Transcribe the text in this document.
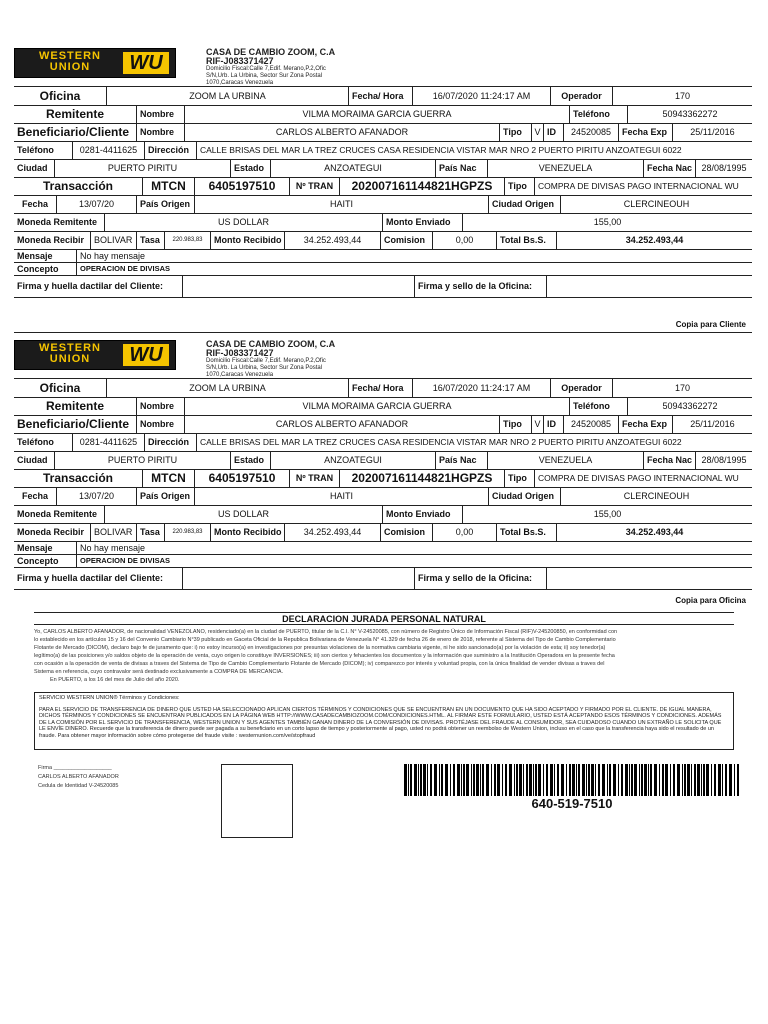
WESTERN
UNION	WU	CASA DE CAMBIO ZOOM, C.A
RIF-J083371427
Domicilio Fiscal:Calle 7,Edif. Merano,P.2,Ofic
S/N,Urb. La Urbina, Sector Sur Zona Postal
1070,Caracas Venezuela
Oficina	ZOOM LA URBINA	Fecha/ Hora	16/07/2020 11:24:17 AM	Operador	170
Remitente	Nombre	VILMA MORAIMA GARCIA GUERRA	Teléfono	50943362272
Beneficiario/Cliente	Nombre	CARLOS ALBERTO AFANADOR	Tipo	V ID	24520085	Fecha Exp	25/11/2016
Teléfono	0281-4411625	Dirección	CALLE BRISAS DEL MAR LA TREZ CRUCES CASA RESIDENCIA VISTAR MAR NRO 2 PUERTO PIRITU ANZOATEGUI 6022
Ciudad	PUERTO PIRITU	Estado	ANZOATEGUI	País Nac	VENEZUELA	Fecha Nac	28/08/1995
Transacción	MTCN	6405197510	Nº TRAN	202007161144821HGPZS	Tipo	COMPRA DE DIVISAS PAGO INTERNACIONAL WU
Fecha	13/07/20	País Origen	HAITI	Ciudad Origen	CLERCINEOUH
Moneda Remitente	US DOLLAR	Monto Enviado	155,00
Moneda Recibir	BOLIVAR Tasa	220.983,83	Monto Recibido	34.252.493,44	Comision	0,00	Total Bs.S.	34.252.493,44
Mensaje	No hay mensaje
Concepto	OPERACION DE DIVISAS
Firma y huella dactilar del Cliente:	Firma y sello de la Oficina:
Copia para Cliente
WESTERN
UNION	WU	CASA DE CAMBIO ZOOM, C.A
RIF-J083371427
Domicilio Fiscal:Calle 7,Edif. Merano,P.2,Ofic
S/N,Urb. La Urbina, Sector Sur Zona Postal
1070,Caracas Venezuela
Oficina	ZOOM LA URBINA	Fecha/ Hora	16/07/2020 11:24:17 AM	Operador	170
Remitente	Nombre	VILMA MORAIMA GARCIA GUERRA	Teléfono	50943362272
Beneficiario/Cliente	Nombre	CARLOS ALBERTO AFANADOR	Tipo	V ID	24520085	Fecha Exp	25/11/2016
Teléfono	0281-4411625	Dirección	CALLE BRISAS DEL MAR LA TREZ CRUCES CASA RESIDENCIA VISTAR MAR NRO 2 PUERTO PIRITU ANZOATEGUI 6022
Ciudad	PUERTO PIRITU	Estado	ANZOATEGUI	País Nac	VENEZUELA	Fecha Nac	28/08/1995
Transacción	MTCN	6405197510	Nº TRAN	202007161144821HGPZS	Tipo	COMPRA DE DIVISAS PAGO INTERNACIONAL WU
Fecha	13/07/20	País Origen	HAITI	Ciudad Origen	CLERCINEOUH
Moneda Remitente	US DOLLAR	Monto Enviado	155,00
Moneda Recibir	BOLIVAR Tasa	220.983,83	Monto Recibido	34.252.493,44	Comision	0,00	Total Bs.S.	34.252.493,44
Mensaje	No hay mensaje
Concepto	OPERACION DE DIVISAS
Firma y huella dactilar del Cliente:	Firma y sello de la Oficina:
Copia para Oficina
DECLARACION JURADA PERSONAL NATURAL
Yo, CARLOS ALBERTO AFANADOR, de nacionalidad VENEZOLANO, residenciado(a) en la ciudad de PUERTO, titular de la C.I. N° V-24520085, con número de Registro Único de Información Fiscal (RIF)V-245200850, en conformidad con
lo establecido en los artículos 15 y 16 del Convenio Cambiario N°39 publicado en Gaceta Oficial de la Republica Bolivariana de Venezuela N° 41.329 de fecha 26 de enero de 2018, referente al Sistema del Tipo de Cambio Complementario
Flotante de Mercado (DICOM), declaro bajo fe de juramento que: i) no estoy incurso(a) en investigaciones por presuntas violaciones de la normativa cambiaria vigente, ni he sido sancionado(a) por la violación de esta; ii) soy tenedor(a)
legítimo(a) de las posiciones y/o saldos objeto de la operación de venta, cuyo origen lo constituye INVERSIONES; iii) son ciertos y fehacientes los documentos y la información que suministro a la Institución Operadora en la presente fecha
con ocasión a la operación de venta de divisas a traves del Sistema de Tipo de Cambio Complementario Flotante de Mercado (DICOM); iv) comparezco por interés y voluntad propia, con la única finalidad de vender divisas a traves del
Sistema en referencia, cuyo contravalor será destinado exclusivamente a COMPRA DE MERCANCIA.
En PUERTO, a los 16 del mes de Julio del año 2020.
SERVICIO WESTERN UNION® Términos y Condiciones:
PARA EL SERVICIO DE TRANSFERENCIA DE DINERO QUE USTED HA SELECCIONADO APLICAN CIERTOS TÉRMINOS Y CONDICIONES QUE SE ENCUENTRAN EN UN DOCUMENTO QUE HA SIDO ACEPTADO Y FIRMADO POR EL CLIENTE. DE IGUAL MANERA, DICHOS TÉRMINOS Y CONDICIONES SE ENCUENTRAN PUBLICADOS EN LA PÁGINA WEB HTTP://WWW.CASADECAMBIOZOOM.COM/CONDICIONES.HTML. AL FIRMAR ESTE FORMULARIO, USTED ESTÁ ACEPTANDO ESOS TÉRMINOS Y CONDICIONES. ADEMÁS DE LA COMISIÓN POR EL SERVICIO DE TRANSFERENCIA, WESTERN UNION Y SUS AGENTES TAMBIÉN GANAN DINERO DE LA CONVERSIÓN DE DIVISAS. PROTÉJASE DEL FRAUDE AL CONSUMIDOR, SEA CUIDADOSO CUANDO UN EXTRAÑO LE SOLICITA QUE LE ENVÍE DINERO. Recuerde que la transferencia de dinero puede ser pagada a su beneficiario en un corto lapso de tiempo y posteriormente al pago, usted no podrá obtener un reembolso de Western Union, incluso en el caso que la transferencia haya sido el resultado de un fraude. Para obtener mayor información sobre cómo protegerse del fraude visite : westernunion.com/ve/stopfraud
Firma ___________________
CARLOS ALBERTO AFANADOR
Cedula de Identidad V-24520085
640-519-7510
